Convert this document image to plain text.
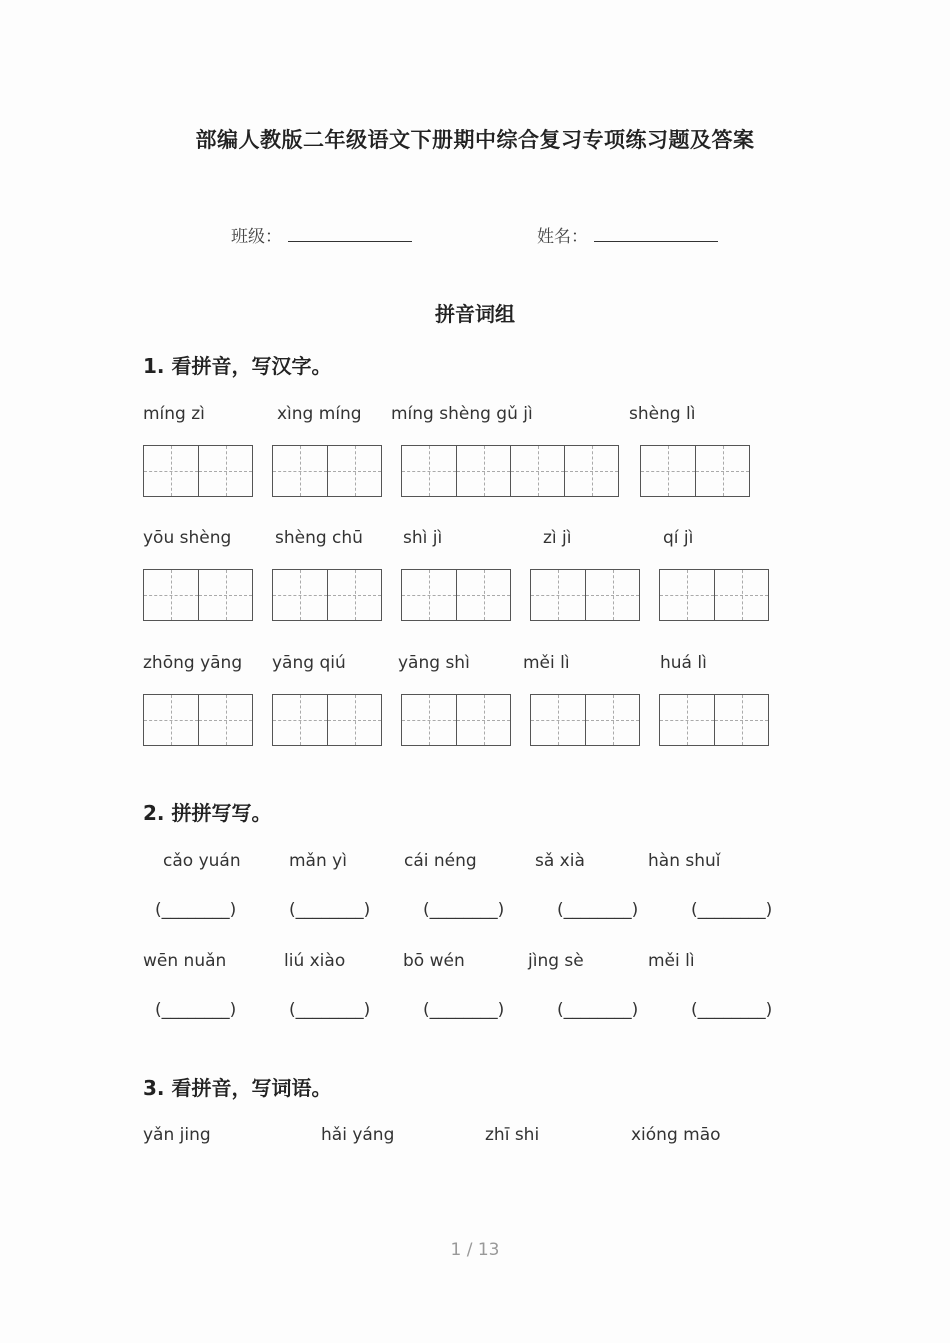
部编人教版二年级语文下册期中综合复习专项练习题及答案
班级：	姓名：
拼音词组
1. 看拼音，写汉字。
míng zì	xìng míng míng shèng gǔ jì	shèng lì
yōu shèng	shèng chū shì jì	zì jì	qí jì
zhōng yāng yāng qiú	yāng shì	měi lì	huá lì
2. 拼拼写写。
cǎo yuán	mǎn yì	cái néng	sǎ xià	hàn shuǐ
(________)	(________)	(________)	(________)	(________)
wēn nuǎn	liú xiào	bō wén	jìng sè	měi lì
(________)	(________)	(________)	(________)	(________)
3. 看拼音，写词语。
yǎn jing	hǎi yáng	zhī shi	xióng māo
1 / 13
